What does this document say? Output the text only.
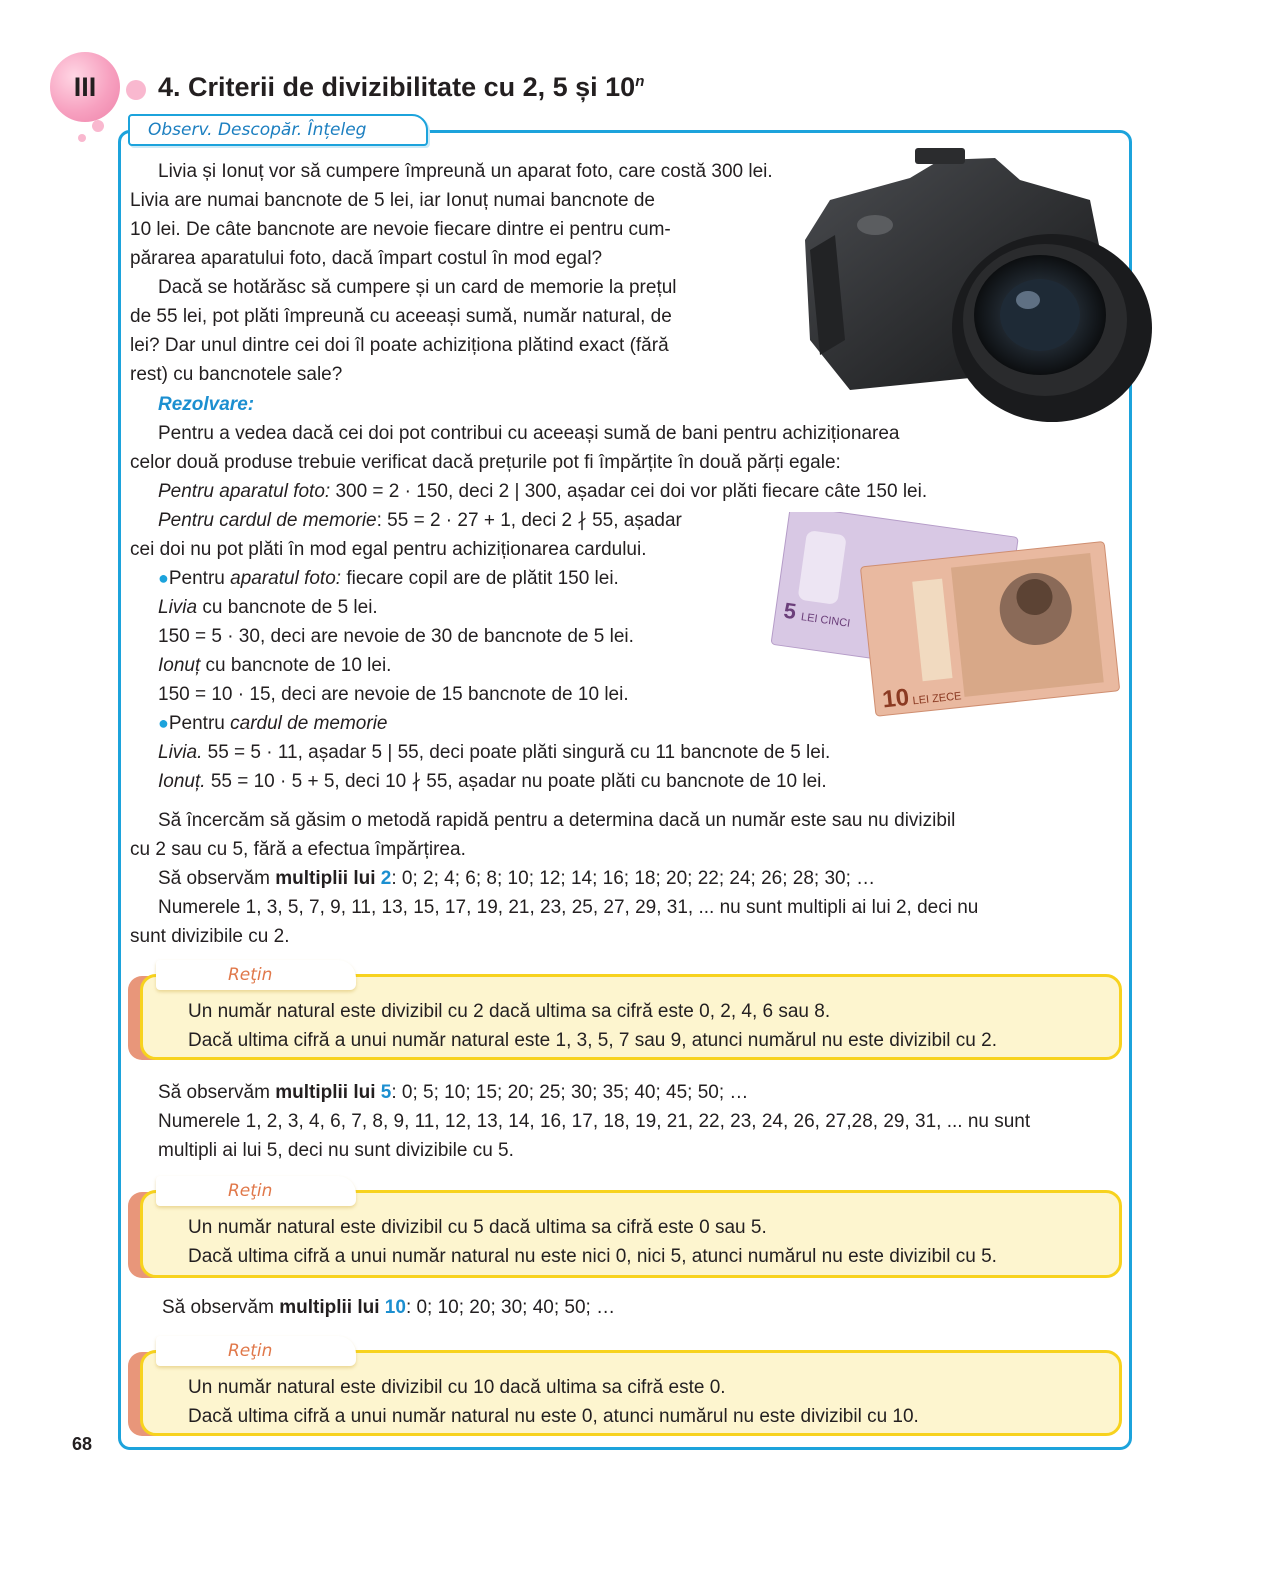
III 4. Criterii de divizibilitate cu 2, 5 și 10$^n$
Observ. Descopăr. Înțeleg
5 LEI CINCI
10 LEI ZECE
Livia și Ionuț vor să cumpere împreună un aparat foto, care costă 300 lei.
Livia are numai bancnote de 5 lei, iar Ionuț numai bancnote de
10 lei. De câte bancnote are nevoie fiecare dintre ei pentru cum-
părarea aparatului foto, dacă împart costul în mod egal?
Dacă se hotărăsc să cumpere și un card de memorie la prețul
de 55 lei, pot plăti împreună cu aceeași sumă, număr natural, de
lei? Dar unul dintre cei doi îl poate achiziționa plătind exact (fără
rest) cu bancnotele sale?
Rezolvare:
Pentru a vedea dacă cei doi pot contribui cu aceeași sumă de bani pentru achiziționarea
celor două produse trebuie verificat dacă prețurile pot fi împărțite în două părți egale:
Pentru aparatul foto: 300 = 2 · 150, deci 2 | 300, așadar cei doi vor plăti fiecare câte 150 lei.
Pentru cardul de memorie: 55 = 2 · 27 + 1, deci 2 ∤ 55, așadar
cei doi nu pot plăti în mod egal pentru achiziționarea cardului.
●Pentru aparatul foto: fiecare copil are de plătit 150 lei.
Livia cu bancnote de 5 lei.
150 = 5 · 30, deci are nevoie de 30 de bancnote de 5 lei.
Ionuț cu bancnote de 10 lei.
150 = 10 · 15, deci are nevoie de 15 bancnote de 10 lei.
●Pentru cardul de memorie
Livia. 55 = 5 · 11, așadar 5 | 55, deci poate plăti singură cu 11 bancnote de 5 lei.
Ionuț. 55 = 10 · 5 + 5, deci 10 ∤ 55, așadar nu poate plăti cu bancnote de 10 lei.
Să încercăm să găsim o metodă rapidă pentru a determina dacă un număr este sau nu divizibil
cu 2 sau cu 5, fără a efectua împărțirea.
Să observăm multiplii lui 2: 0; 2; 4; 6; 8; 10; 12; 14; 16; 18; 20; 22; 24; 26; 28; 30; …
Numerele 1, 3, 5, 7, 9, 11, 13, 15, 17, 19, 21, 23, 25, 27, 29, 31, ... nu sunt multipli ai lui 2, deci nu
sunt divizibile cu 2.
Reţin
Un număr natural este divizibil cu 2 dacă ultima sa cifră este 0, 2, 4, 6 sau 8.
Dacă ultima cifră a unui număr natural este 1, 3, 5, 7 sau 9, atunci numărul nu este divizibil cu 2.
Să observăm multiplii lui 5: 0; 5; 10; 15; 20; 25; 30; 35; 40; 45; 50; …
Numerele 1, 2, 3, 4, 6, 7, 8, 9, 11, 12, 13, 14, 16, 17, 18, 19, 21, 22, 23, 24, 26, 27,28, 29, 31, ... nu sunt
multipli ai lui 5, deci nu sunt divizibile cu 5.
Reţin
Un număr natural este divizibil cu 5 dacă ultima sa cifră este 0 sau 5.
Dacă ultima cifră a unui număr natural nu este nici 0, nici 5, atunci numărul nu este divizibil cu 5.
Să observăm multiplii lui 10: 0; 10; 20; 30; 40; 50; …
Reţin
Un număr natural este divizibil cu 10 dacă ultima sa cifră este 0.
Dacă ultima cifră a unui număr natural nu este 0, atunci numărul nu este divizibil cu 10.
68
